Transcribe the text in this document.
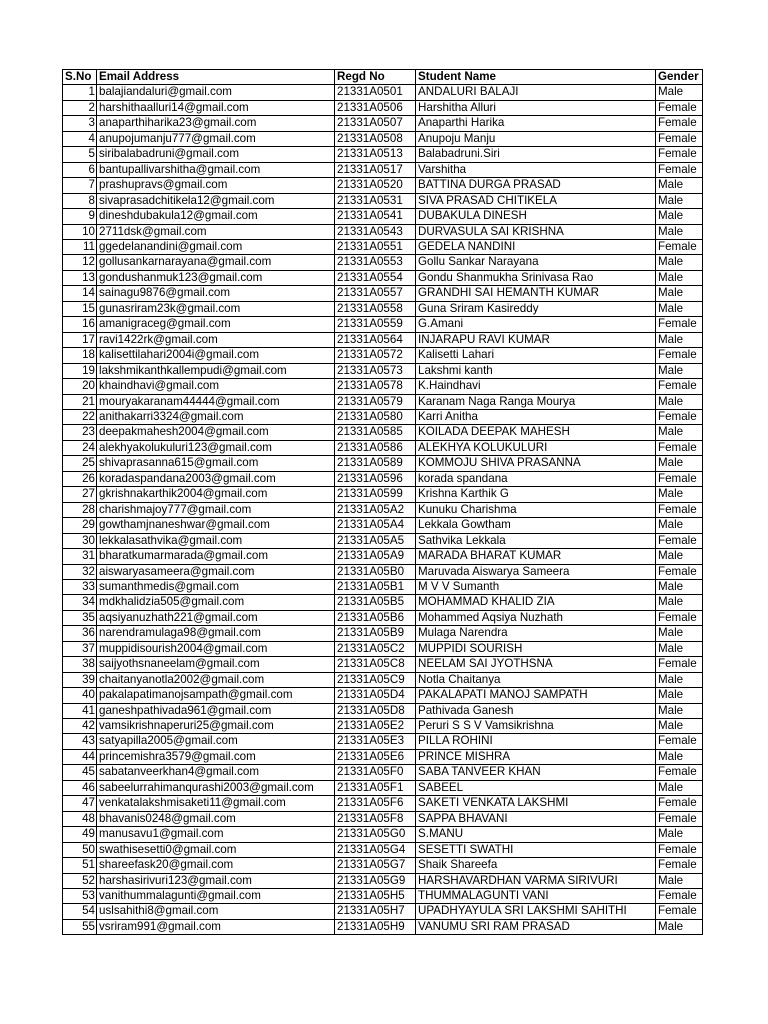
S.No	Email Address	Regd No	Student Name	Gender
1	balajiandaluri@gmail.com	21331A0501	ANDALURI BALAJI	Male
2	harshithaalluri14@gmail.com	21331A0506	Harshitha Alluri	Female
3	anaparthiharika23@gmail.com	21331A0507	Anaparthi Harika	Female
4	anupojumanju777@gmail.com	21331A0508	Anupoju Manju	Female
5	siribalabadruni@gmail.com	21331A0513	Balabadruni.Siri	Female
6	bantupallivarshitha@gmail.com	21331A0517	Varshitha	Female
7	prashupravs@gmail.com	21331A0520	BATTINA DURGA PRASAD	Male
8	sivaprasadchitikela12@gmail.com	21331A0531	SIVA PRASAD CHITIKELA	Male
9	dineshdubakula12@gmail.com	21331A0541	DUBAKULA DINESH	Male
10	2711dsk@gmail.com	21331A0543	DURVASULA SAI KRISHNA	Male
11	ggedelanandini@gmail.com	21331A0551	GEDELA NANDINI	Female
12	gollusankarnarayana@gmail.com	21331A0553	Gollu Sankar Narayana	Male
13	gondushanmuk123@gmail.com	21331A0554	Gondu Shanmukha Srinivasa Rao	Male
14	sainagu9876@gmail.com	21331A0557	GRANDHI SAI HEMANTH KUMAR	Male
15	gunasriram23k@gmail.com	21331A0558	Guna Sriram Kasireddy	Male
16	amanigraceg@gmail.com	21331A0559	G.Amani	Female
17	ravi1422rk@gmail.com	21331A0564	INJARAPU RAVI KUMAR	Male
18	kalisettilahari2004i@gmail.com	21331A0572	Kalisetti Lahari	Female
19	lakshmikanthkallempudi@gmail.com	21331A0573	Lakshmi kanth	Male
20	khaindhavi@gmail.com	21331A0578	K.Haindhavi	Female
21	mouryakaranam44444@gmail.com	21331A0579	Karanam Naga Ranga Mourya	Male
22	anithakarri3324@gmail.com	21331A0580	Karri Anitha	Female
23	deepakmahesh2004@gmail.com	21331A0585	KOILADA DEEPAK MAHESH	Male
24	alekhyakolukuluri123@gmail.com	21331A0586	ALEKHYA KOLUKULURI	Female
25	shivaprasanna615@gmail.com	21331A0589	KOMMOJU SHIVA PRASANNA	Male
26	koradaspandana2003@gmail.com	21331A0596	korada spandana	Female
27	gkrishnakarthik2004@gmail.com	21331A0599	Krishna Karthik G	Male
28	charishmajoy777@gmail.com	21331A05A2	Kunuku Charishma	Female
29	gowthamjnaneshwar@gmail.com	21331A05A4	Lekkala Gowtham	Male
30	lekkalasathvika@gmail.com	21331A05A5	Sathvika Lekkala	Female
31	bharatkumarmarada@gmail.com	21331A05A9	MARADA BHARAT KUMAR	Male
32	aiswaryasameera@gmail.com	21331A05B0	Maruvada Aiswarya Sameera	Female
33	sumanthmedis@gmail.com	21331A05B1	M V V Sumanth	Male
34	mdkhalidzia505@gmail.com	21331A05B5	MOHAMMAD KHALID ZIA	Male
35	aqsiyanuzhath221@gmail.com	21331A05B6	Mohammed Aqsiya Nuzhath	Female
36	narendramulaga98@gmail.com	21331A05B9	Mulaga Narendra	Male
37	muppidisourish2004@gmail.com	21331A05C2	MUPPIDI SOURISH	Male
38	saijyothsnaneelam@gmail.com	21331A05C8	NEELAM SAI JYOTHSNA	Female
39	chaitanyanotla2002@gmail.com	21331A05C9	Notla Chaitanya	Male
40	pakalapatimanojsampath@gmail.com	21331A05D4	PAKALAPATI MANOJ SAMPATH	Male
41	ganeshpathivada961@gmail.com	21331A05D8	Pathivada Ganesh	Male
42	vamsikrishnaperuri25@gmail.com	21331A05E2	Peruri S S V Vamsikrishna	Male
43	satyapilla2005@gmail.com	21331A05E3	PILLA ROHINI	Female
44	princemishra3579@gmail.com	21331A05E6	PRINCE MISHRA	Male
45	sabatanveerkhan4@gmail.com	21331A05F0	SABA TANVEER KHAN	Female
46	sabeelurrahimanqurashi2003@gmail.com	21331A05F1	SABEEL	Male
47	venkatalakshmisaketi11@gmail.com	21331A05F6	SAKETI VENKATA LAKSHMI	Female
48	bhavanis0248@gmail.com	21331A05F8	SAPPA BHAVANI	Female
49	manusavu1@gmail.com	21331A05G0	S.MANU	Male
50	swathisesetti0@gmail.com	21331A05G4	SESETTI SWATHI	Female
51	shareefask20@gmail.com	21331A05G7	Shaik Shareefa	Female
52	harshasirivuri123@gmail.com	21331A05G9	HARSHAVARDHAN VARMA SIRIVURI	Male
53	vanithummalagunti@gmail.com	21331A05H5	THUMMALAGUNTI VANI	Female
54	uslsahithi8@gmail.com	21331A05H7	UPADHYAYULA SRI LAKSHMI SAHITHI	Female
55	vsriram991@gmail.com	21331A05H9	VANUMU SRI RAM PRASAD	Male
